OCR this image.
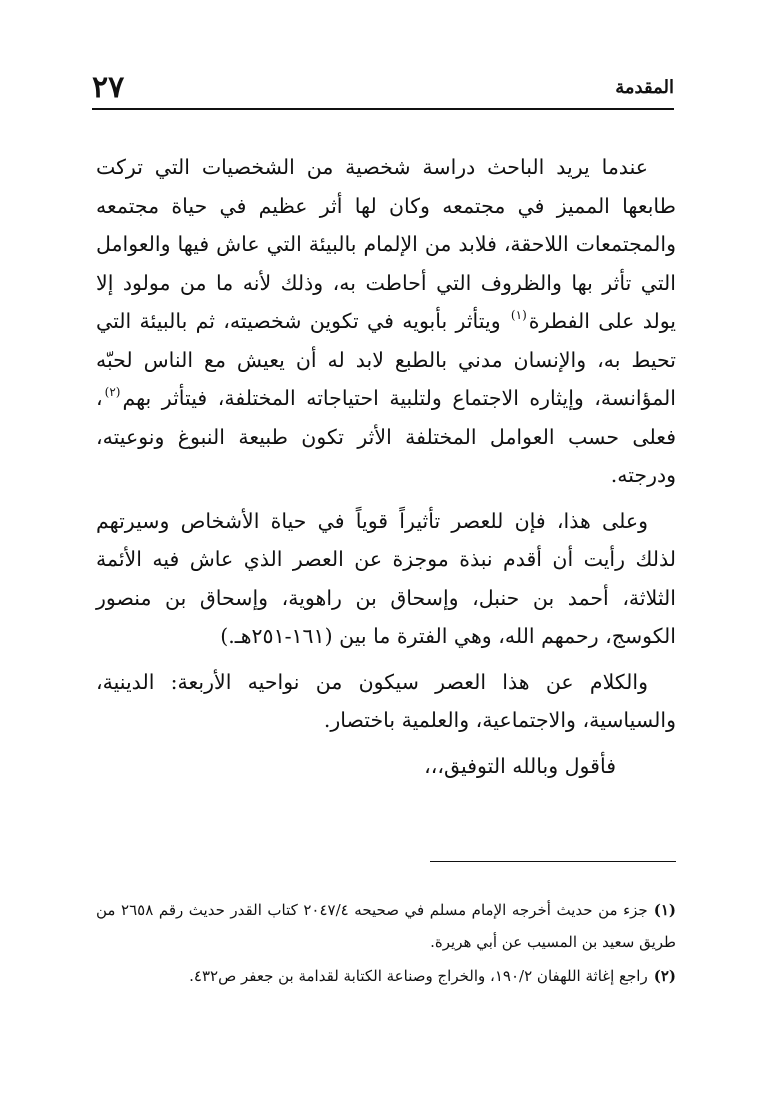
٢٧	المقدمة

عندما يريد الباحث دراسة شخصية من الشخصيات التي تركت طابعها المميز في مجتمعه وكان لها أثر عظيم في حياة مجتمعه والمجتمعات اللاحقة، فلابد من الإلمام بالبيئة التي عاش فيها والعوامل التي تأثر بها والظروف التي أحاطت به، وذلك لأنه ما من مولود إلا يولد على الفطرة$^{(١)}$ ويتأثر بأبويه في تكوين شخصيته، ثم بالبيئة التي تحيط به، والإنسان مدني بالطبع لابد له أن يعيش مع الناس لحبّه المؤانسة، وإيثاره الاجتماع ولتلبية احتياجاته المختلفة، فيتأثر بهم$^{(٢)}$، فعلى حسب العوامل المختلفة الأثر تكون طبيعة النبوغ ونوعيته، ودرجته.

وعلى هذا، فإن للعصر تأثيراً قوياً في حياة الأشخاص وسيرتهم لذلك رأيت أن أقدم نبذة موجزة عن العصر الذي عاش فيه الأئمة الثلاثة، أحمد بن حنبل، وإسحاق بن راهوية، وإسحاق بن منصور الكوسج، رحمهم الله، وهي الفترة ما بين (١٦١-٢٥١هـ.)

والكلام عن هذا العصر سيكون من نواحيه الأربعة: الدينية، والسياسية، والاجتماعية، والعلمية باختصار.

فأقول وبالله التوفيق،،،

(١)جزء من حديث أخرجه الإمام مسلم في صحيحه ٢٠٤٧/٤ كتاب القدر حديث رقم ٢٦٥٨ من طريق سعيد بن المسيب عن أبي هريرة.

(٢)راجع إغاثة اللهفان ١٩٠/٢، والخراج وصناعة الكتابة لقدامة بن جعفر ص٤٣٢.
